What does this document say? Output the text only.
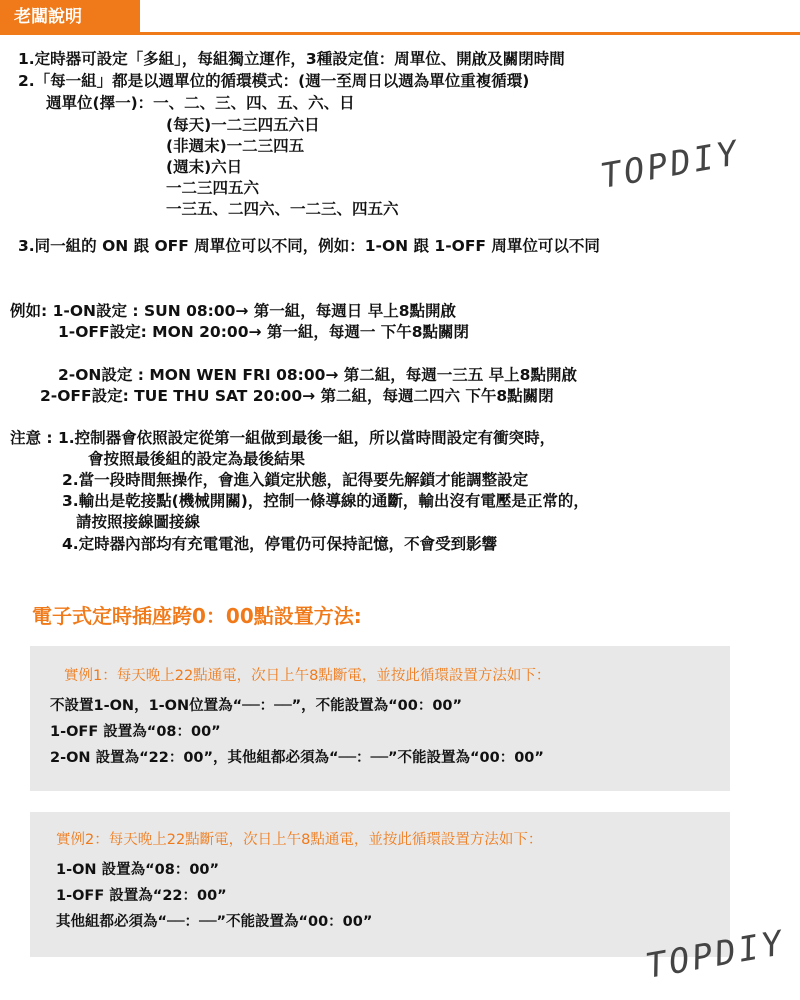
老闆說明
1.定時器可設定「多組」，每組獨立運作，3種設定值：周單位、開啟及關閉時間
2.「每一組」都是以週單位的循環模式：(週一至周日以週為單位重複循環)
週單位(擇一)：一、二、三、四、五、六、日
(每天)一二三四五六日
(非週末)一二三四五
(週末)六日
一二三四五六
一三五、二四六、一二三、四五六
TOPDIY
3.同一組的 ON 跟 OFF 周單位可以不同，例如：1-ON 跟 1-OFF 周單位可以不同
例如: 1-ON設定 : SUN 08:00→ 第一組，每週日 早上8點開啟
1-OFF設定: MON 20:00→ 第一組，每週一 下午8點關閉
2-ON設定 : MON WEN FRI 08:00→ 第二組，每週一三五 早上8點開啟
2-OFF設定: TUE THU SAT 20:00→ 第二組，每週二四六 下午8點關閉
注意 : 1.控制器會依照設定從第一組做到最後一組，所以當時間設定有衝突時，
會按照最後組的設定為最後結果
2.當一段時間無操作，會進入鎖定狀態，記得要先解鎖才能調整設定
3.輸出是乾接點(機械開關)，控制一條導線的通斷，輸出沒有電壓是正常的，
請按照接線圖接線
4.定時器內部均有充電電池，停電仍可保持記憶，不會受到影響
電子式定時插座跨0：00點設置方法:
實例1：每天晚上22點通電，次日上午8點斷電，並按此循環設置方法如下：
不設置1-ON，1-ON位置為“──：──”，不能設置為“00：00”
1-OFF 設置為“08：00”
2-ON 設置為“22：00”，其他組都必須為“──：──”不能設置為“00：00”
實例2：每天晚上22點斷電，次日上午8點通電，並按此循環設置方法如下：
1-ON 設置為“08：00”
1-OFF 設置為“22：00”
其他組都必須為“──：──”不能設置為“00：00”
TOPDIY
